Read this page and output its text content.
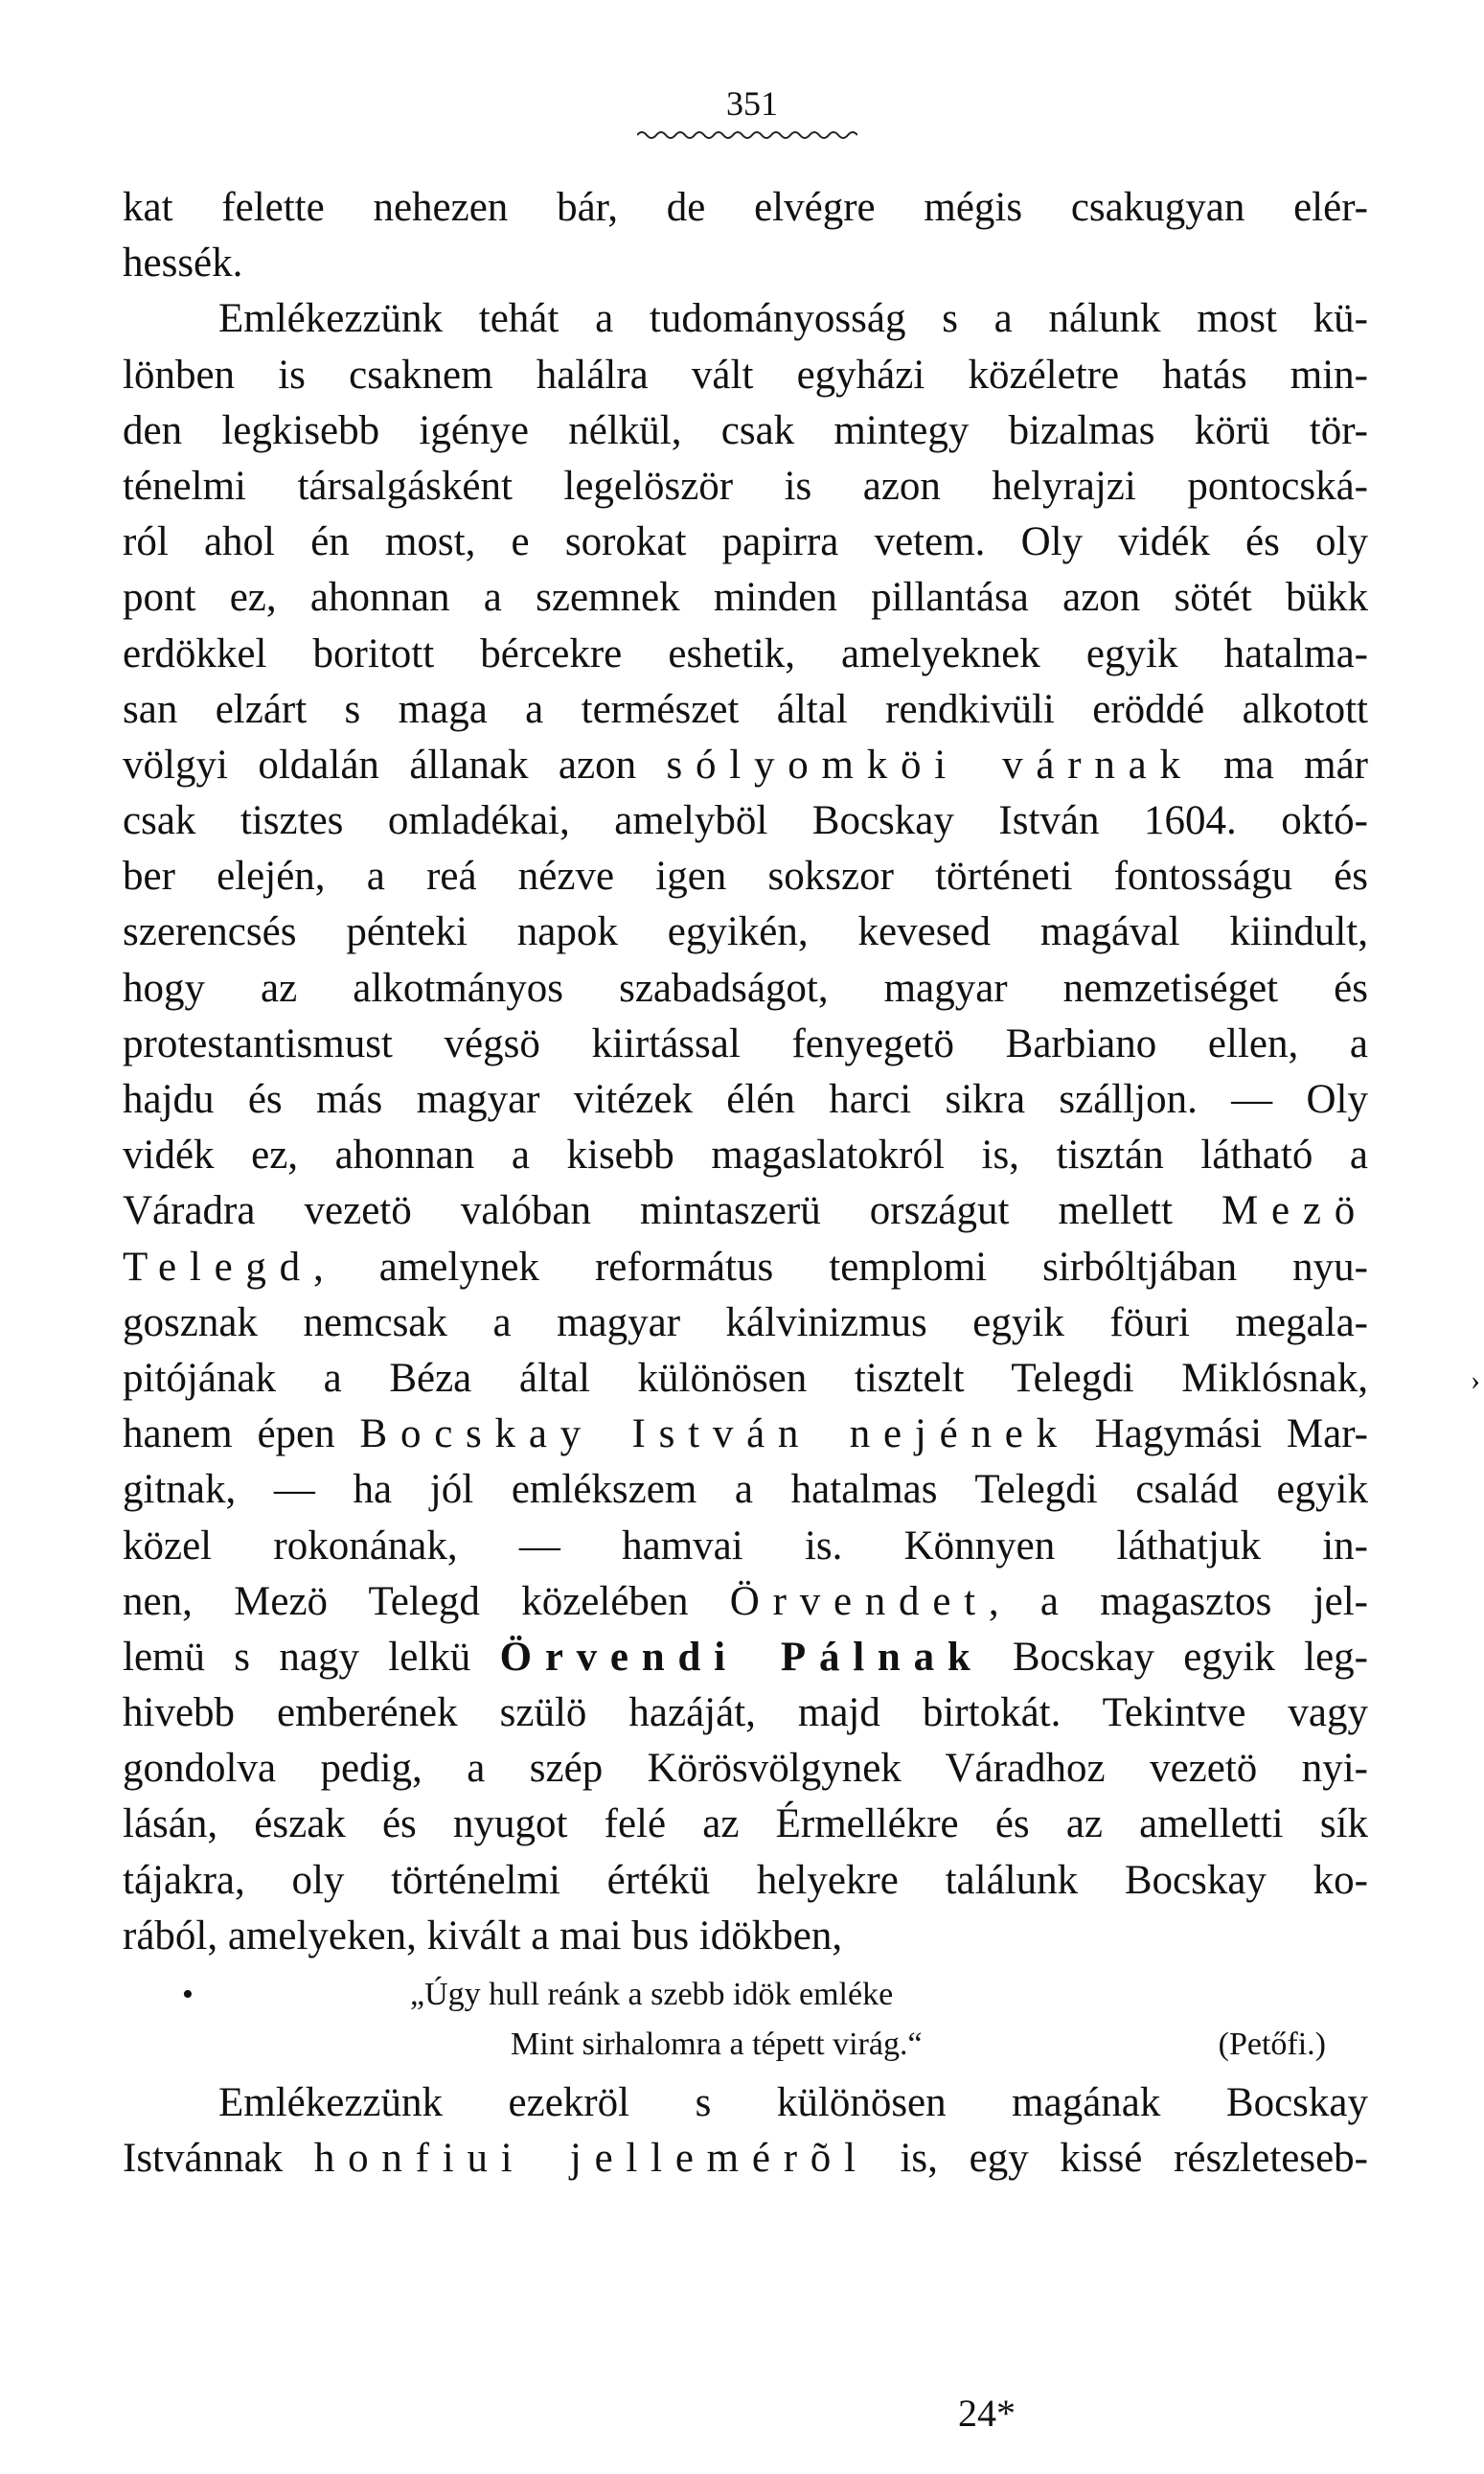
351
kat felette nehezen bár, de elvégre mégis csakugyan elér-
hessék.
Emlékezzünk tehát a tudományosság s a nálunk most kü-
lönben is csaknem halálra vált egyházi közéletre hatás min-
den legkisebb igénye nélkül, csak mintegy bizalmas körü tör-
ténelmi társalgásként legelöször is azon helyrajzi pontocská-
ról ahol én most, e sorokat papirra vetem. Oly vidék és oly
pont ez, ahonnan a szemnek minden pillantása azon sötét bükk
erdökkel boritott bércekre eshetik, amelyeknek egyik hatalma-
san elzárt s maga a természet által rendkivüli eröddé alkotott
völgyi oldalán állanak azon sólyomköi várnak ma már
csak tisztes omladékai, amelyböl Bocskay István 1604. októ-
ber elején, a reá nézve igen sokszor történeti fontosságu és
szerencsés pénteki napok egyikén, kevesed magával kiindult,
hogy az alkotmányos szabadságot, magyar nemzetiséget és
protestantismust végsö kiirtással fenyegetö Barbiano ellen, a
hajdu és más magyar vitézek élén harci sikra szálljon. — Oly
vidék ez, ahonnan a kisebb magaslatokról is, tisztán látható a
Váradra vezetö valóban mintaszerü országut mellett Mezö
Telegd, amelynek református templomi sirbóltjában nyu-
gosznak nemcsak a magyar kálvinizmus egyik föuri megala-
pitójának a Béza által különösen tisztelt Telegdi Miklósnak,
hanem épen Bocskay István nejének Hagymási Mar-
gitnak, — ha jól emlékszem a hatalmas Telegdi család egyik
közel rokonának, — hamvai is. Könnyen láthatjuk in-
nen, Mezö Telegd közelében Örvendet, a magasztos jel-
lemü s nagy lelkü Örvendi Pálnak Bocskay egyik leg-
hivebb emberének szülö hazáját, majd birtokát. Tekintve vagy
gondolva pedig, a szép Körösvölgynek Váradhoz vezetö nyi-
lásán, észak és nyugot felé az Érmellékre és az amelletti sík
tájakra, oly történelmi értékü helyekre találunk Bocskay ko-
rából, amelyeken, kivált a mai bus idökben,
•	„Úgy hull reánk a szebb idök emléke
Mint sirhalomra a tépett virág.“	(Petőfi.)
Emlékezzünk ezekröl s különösen magának Bocskay
Istvánnak honfiui jellemérõl is, egy kissé részleteseb-
24*
›
